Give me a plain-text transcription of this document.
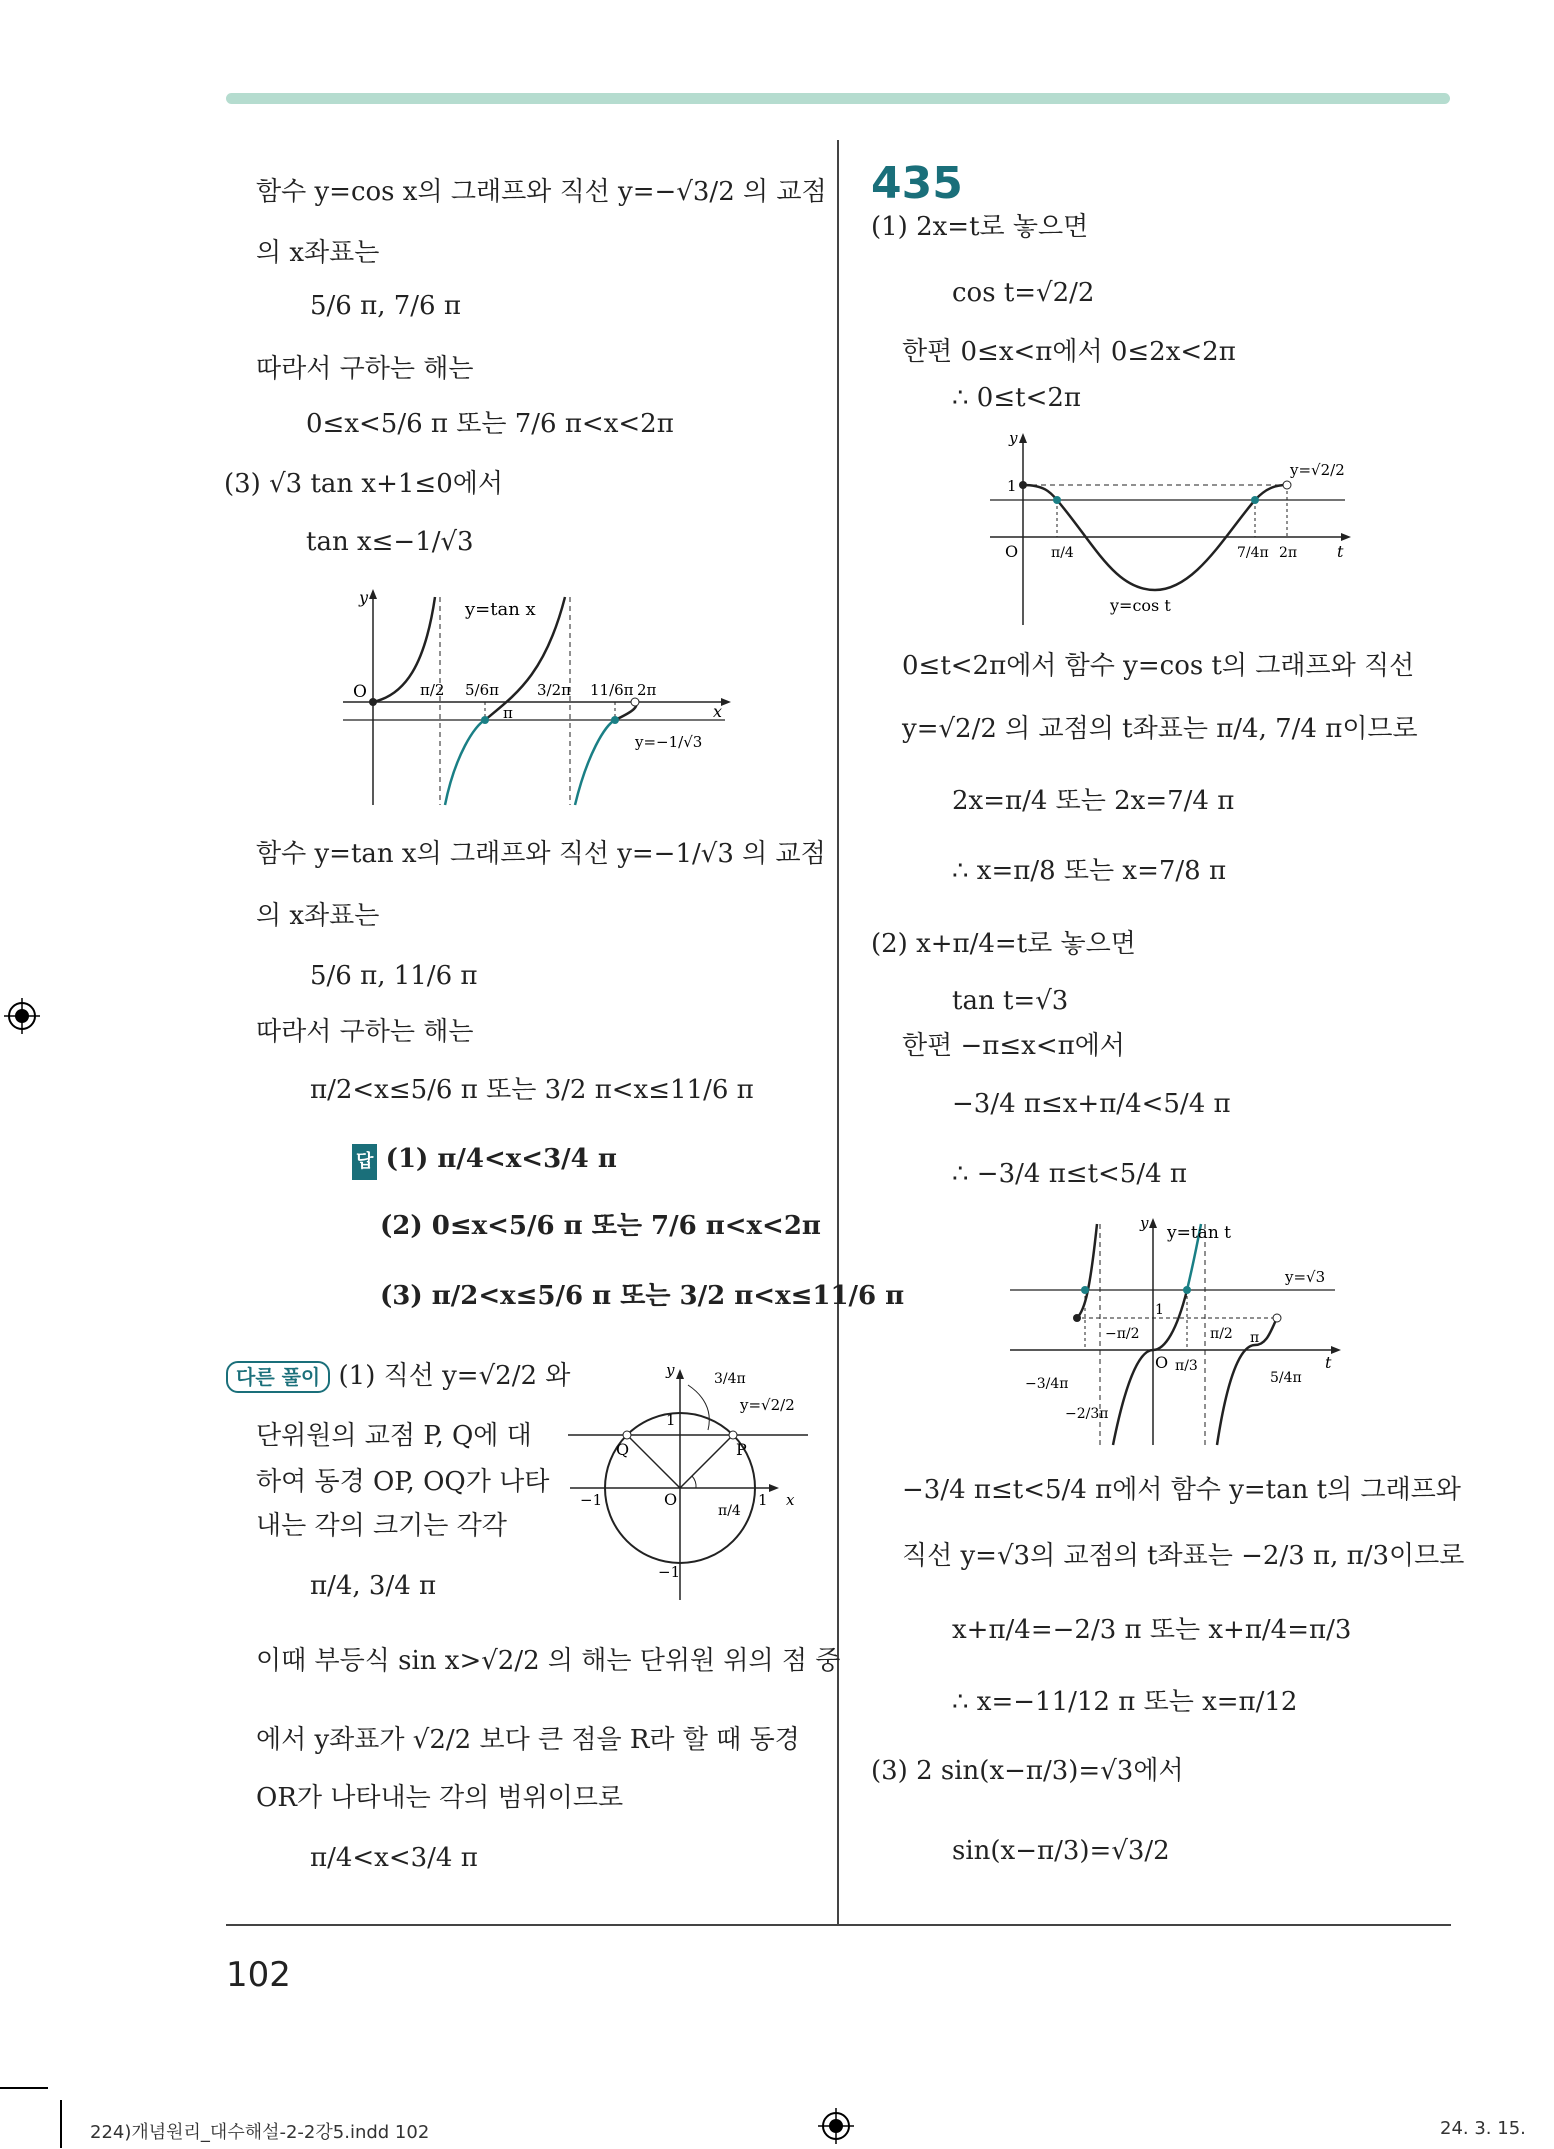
함수 y=cos x의 그래프와 직선 y=−√3/2 의 교점
의 x좌표는
5/6 π, 7/6 π
따라서 구하는 해는
0≤x<5/6 π 또는 7/6 π<x<2π
(3) √3 tan x+1≤0에서
tan x≤−1/√3
y
O
y=tan x
π/2 5/6π
π
3/2π 11/6π 2π
x
y=−1/√3
함수 y=tan x의 그래프와 직선 y=−1/√3 의 교점
의 x좌표는
5/6 π, 11/6 π
따라서 구하는 해는
π/2<x≤5/6 π 또는 3/2 π<x≤11/6 π
답 (1) π/4<x<3/4 π
(2) 0≤x<5/6 π 또는 7/6 π<x<2π
(3) π/2<x≤5/6 π 또는 3/2 π<x≤11/6 π
다른 풀이 (1) 직선 y=√2/2 와
단위원의 교점 P, Q에 대
하여 동경 OP, OQ가 나타
내는 각의 크기는 각각
π/4, 3/4 π
y
1
−1
O
−1	1 x
π/4
3/4π
y=√2/2
P
Q
이때 부등식 sin x>√2/2 의 해는 단위원 위의 점 중
에서 y좌표가 √2/2 보다 큰 점을 R라 할 때 동경
OR가 나타내는 각의 범위이므로
π/4<x<3/4 π
435
(1) 2x=t로 놓으면
cos t=√2/2
한편 0≤x<π에서 0≤2x<2π
∴ 0≤t<2π
y
1
O π/4	7/4π 2π t
y=cos t
y=√2/2
0≤t<2π에서 함수 y=cos t의 그래프와 직선
y=√2/2 의 교점의 t좌표는 π/4, 7/4 π이므로
2x=π/4 또는 2x=7/4 π
∴ x=π/8 또는 x=7/8 π
(2) x+π/4=t로 놓으면
tan t=√3
한편 −π≤x<π에서
−3/4 π≤x+π/4<5/4 π
∴ −3/4 π≤t<5/4 π
y y=tan t
y=√3
1
O
−3/4π
−2/3π
−π/2
π/3
π/2 π
5/4π
t
−3/4 π≤t<5/4 π에서 함수 y=tan t의 그래프와
직선 y=√3의 교점의 t좌표는 −2/3 π, π/3이므로
x+π/4=−2/3 π 또는 x+π/4=π/3
∴ x=−11/12 π 또는 x=π/12
(3) 2 sin(x−π/3)=√3에서
sin(x−π/3)=√3/2
102
224)개념원리_대수해설-2-2강5.indd 102	24. 3. 15.
